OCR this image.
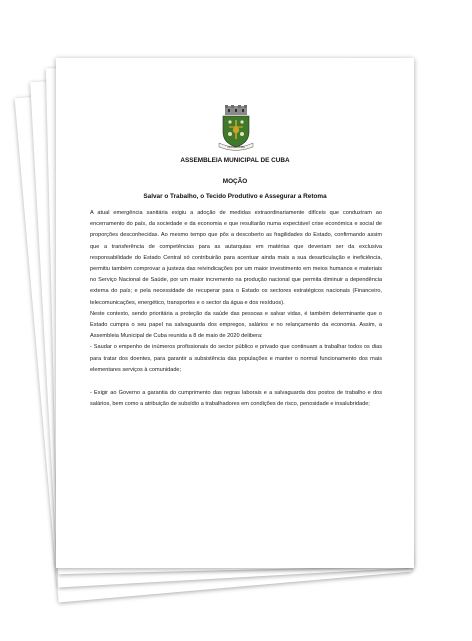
VILA DE CUBA
ASSEMBLEIA MUNICIPAL DE CUBA
MOÇÃO
Salvar o Trabalho, o Tecido Produtivo e Assegurar a Retoma

A atual emergência sanitária exigiu a adoção de medidas extraordinariamente difíceis que conduziram ao encerramento do país, da sociedade e da economia e que resultarão numa expectável crise económica e social de proporções desconhecidas. Ao mesmo tempo que pôs a descoberto as fragilidades do Estado, confirmando assim que a transferência de competências para as autarquias em matérias que deveriam ser da exclusiva responsabilidade do Estado Central só contribuirão para acentuar ainda mais a sua desarticulação e ineficiência, permitiu também comprovar a justeza das reivindicações por um maior investimento em meios humanos e materiais no Serviço Nacional de Saúde, por um maior incremento na produção nacional que permita diminuir a dependência externa do país; e pela necessidade de recuperar para o Estado os sectores estratégicos nacionais (Financeiro, telecomunicações, energético, transportes e o sector da água e dos resíduos).

Neste contexto, sendo prioritária a proteção da saúde das pessoas e salvar vidas, é também determinante que o Estado cumpra o seu papel na salvaguarda dos empregos, salários e no relançamento da economia. Assim, a Assembleia Municipal de Cuba reunida a 8 de maio de 2020 delibera:

- Saudar o empenho de inúmeros profissionais do sector público e privado que continuam a trabalhar todos os dias para tratar dos doentes, para garantir a subsistência das populações e manter o normal funcionamento dos mais elementares serviços à comunidade;

- Exigir ao Governo a garantia do cumprimento das regras laborais e a salvaguarda dos postos de trabalho e dos salários, bem como a atribuição de subsídio a trabalhadores em condições de risco, penosidade e insalubridade;
